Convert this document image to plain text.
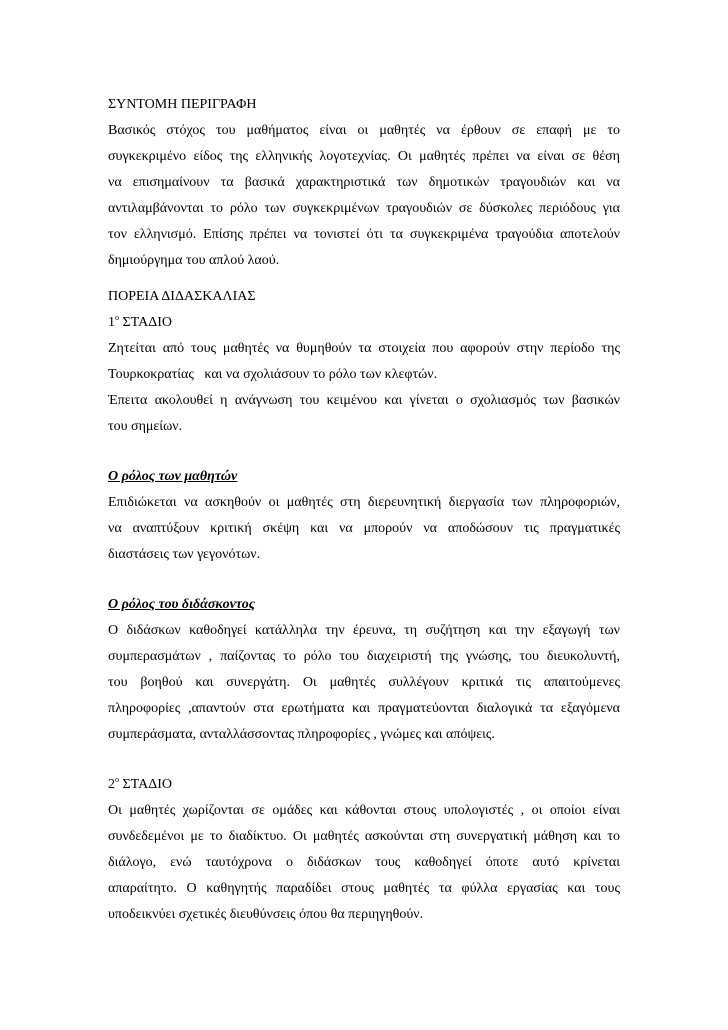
ΣΥΝΤΟΜΗ ΠΕΡΙΓΡΑΦΗ
Βασικός στόχος του μαθήματος είναι οι μαθητές να έρθουν σε επαφή με το
συγκεκριμένο είδος της ελληνικής λογοτεχνίας. Οι μαθητές πρέπει να είναι σε θέση
να επισημαίνουν τα βασικά χαρακτηριστικά των δημοτικών τραγουδιών και να
αντιλαμβάνονται το ρόλο των συγκεκριμένων τραγουδιών σε δύσκολες περιόδους για
τον ελληνισμό. Επίσης πρέπει να τονιστεί ότι τα συγκεκριμένα τραγούδια αποτελούν
δημιούργημα του απλού λαού.
ΠΟΡΕΙΑ ΔΙΔΑΣΚΑΛΙΑΣ
$1^o$ ΣΤΑΔΙΟ
Ζητείται από τους μαθητές να θυμηθούν τα στοιχεία που αφορούν στην περίοδο της
Τουρκοκρατίας   και να σχολιάσουν το ρόλο των κλεφτών.
Έπειτα ακολουθεί η ανάγνωση του κειμένου και γίνεται ο σχολιασμός των βασικών
του σημείων.
Ο ρόλος των μαθητών
Επιδιώκεται να ασκηθούν οι μαθητές στη διερευνητική διεργασία των πληροφοριών,
να αναπτύξουν κριτική σκέψη και να μπορούν να αποδώσουν τις πραγματικές
διαστάσεις των γεγονότων.
Ο ρόλος του διδάσκοντος
Ο διδάσκων καθοδηγεί κατάλληλα την έρευνα, τη συζήτηση και την εξαγωγή των
συμπερασμάτων , παίζοντας το ρόλο του διαχειριστή της γνώσης, του διευκολυντή,
του βοηθού και συνεργάτη. Οι μαθητές συλλέγουν κριτικά τις απαιτούμενες
πληροφορίες ,απαντούν στα ερωτήματα και πραγματεύονται διαλογικά τα εξαγόμενα
συμπεράσματα, ανταλλάσσοντας πληροφορίες , γνώμες και απόψεις.
$2^o$ ΣΤΑΔΙΟ
Οι μαθητές χωρίζονται σε ομάδες και κάθονται στους υπολογιστές , οι οποίοι είναι
συνδεδεμένοι με το διαδίκτυο. Οι μαθητές ασκούνται στη συνεργατική μάθηση και το
διάλογο, ενώ ταυτόχρονα ο διδάσκων τους καθοδηγεί όποτε αυτό κρίνεται
απαραίτητο. Ο καθηγητής παραδίδει στους μαθητές τα φύλλα εργασίας και τους
υποδεικνύει σχετικές διευθύνσεις όπου θα περιηγηθούν.
